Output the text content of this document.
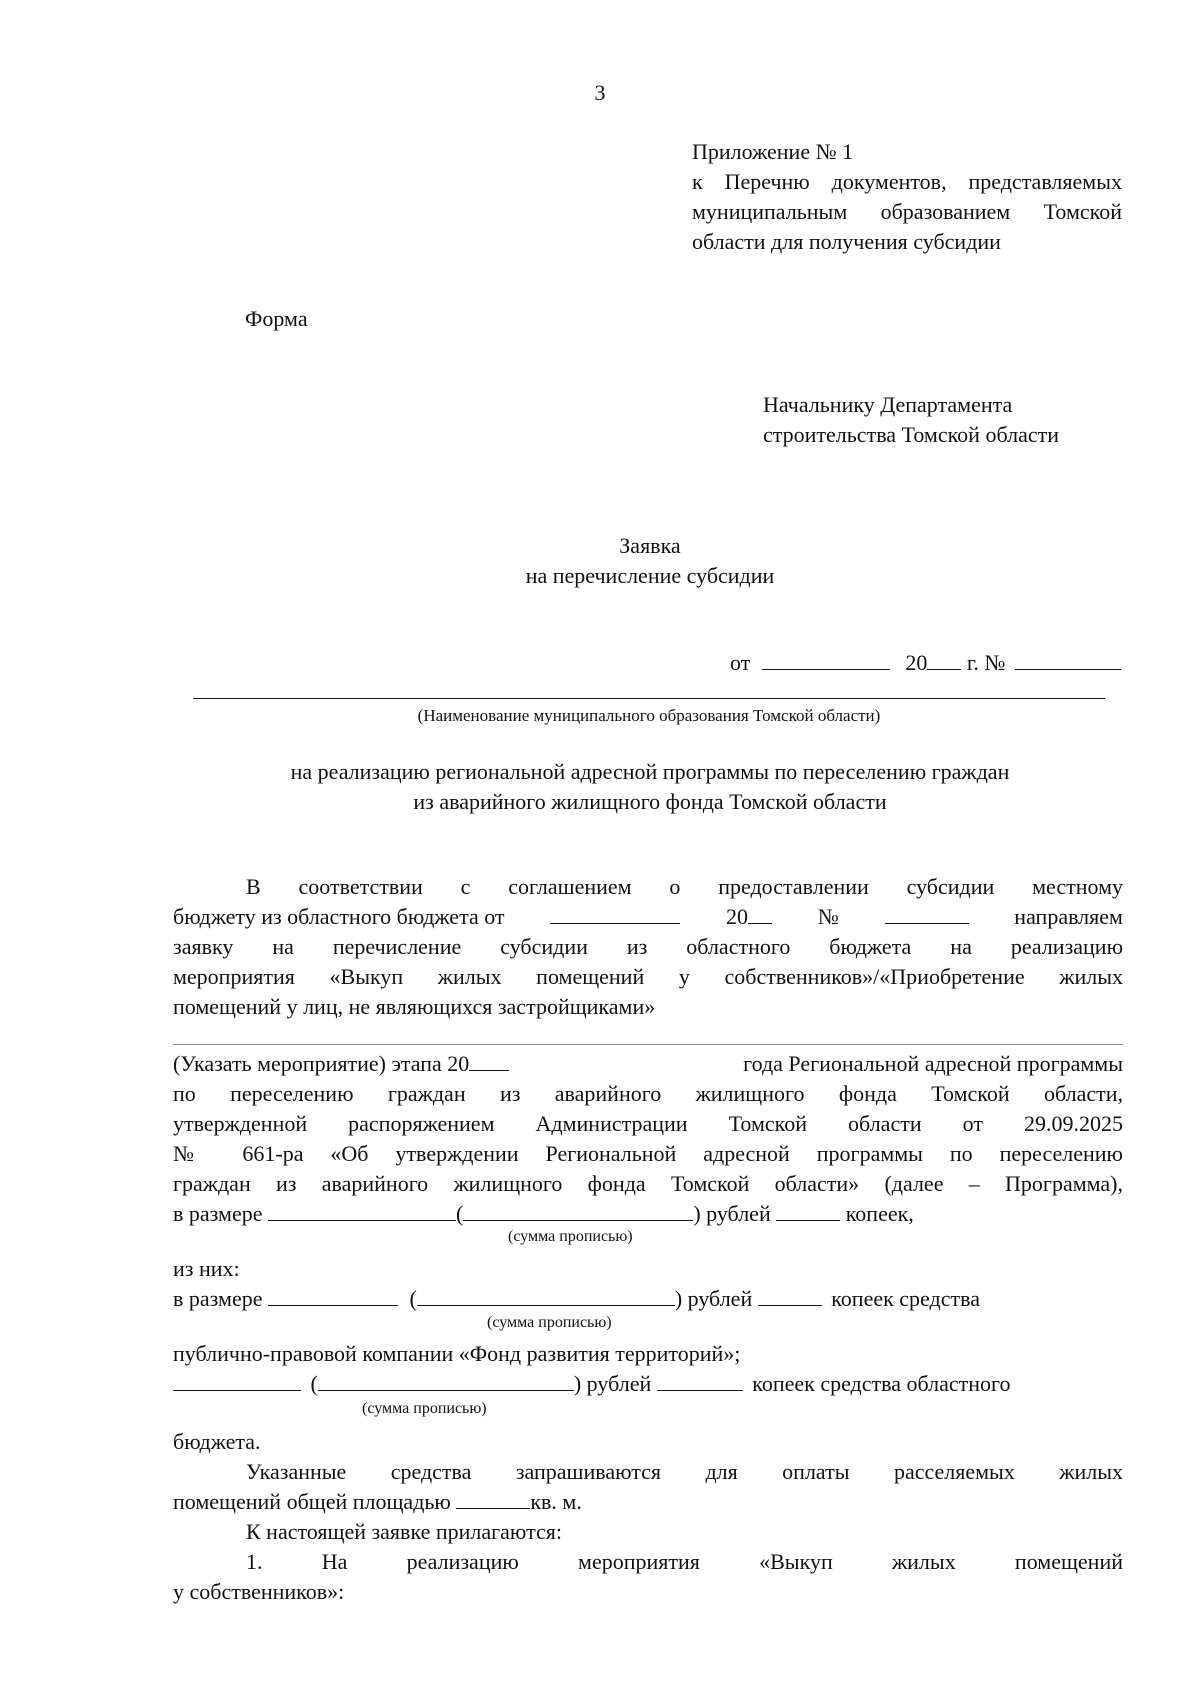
3
Приложение № 1
к Перечню документов, представляемых
муниципальным образованием Томской
области для получения субсидии
Форма
Начальнику Департамента
строительства Томской области
Заявка
на перечисление субсидии
от	20 г. №
(Наименование муниципального образования Томской области)
на реализацию региональной адресной программы по переселению граждан
из аварийного жилищного фонда Томской области
В соответствии с соглашением о предоставлении субсидии местному
бюджету из областного бюджета от	20	№	направляем
заявку на перечисление субсидии из областного бюджета на реализацию
мероприятия «Выкуп жилых помещений у собственников»/«Приобретение жилых
помещений у лиц, не являющихся застройщиками»
(Указать мероприятие) этапа 20	года Региональной адресной программы
по переселению граждан из аварийного жилищного фонда Томской области,
утвержденной распоряжением Администрации Томской области от 29.09.2025
№ 661-ра «Об утверждении Региональной адресной программы по переселению
граждан из аварийного жилищного фонда Томской области» (далее – Программа),
в размере	(	) рублей	копеек,
(сумма прописью)
из них:
в размере	(	) рублей	копеек средства
(сумма прописью)
публично-правовой компании «Фонд развития территорий»;
(	) рублей	копеек средства областного
(сумма прописью)
бюджета.
Указанные средства запрашиваются для оплаты расселяемых жилых
помещений общей площадью	кв. м.
К настоящей заявке прилагаются:
1. На реализацию мероприятия «Выкуп жилых помещений
у собственников»:
